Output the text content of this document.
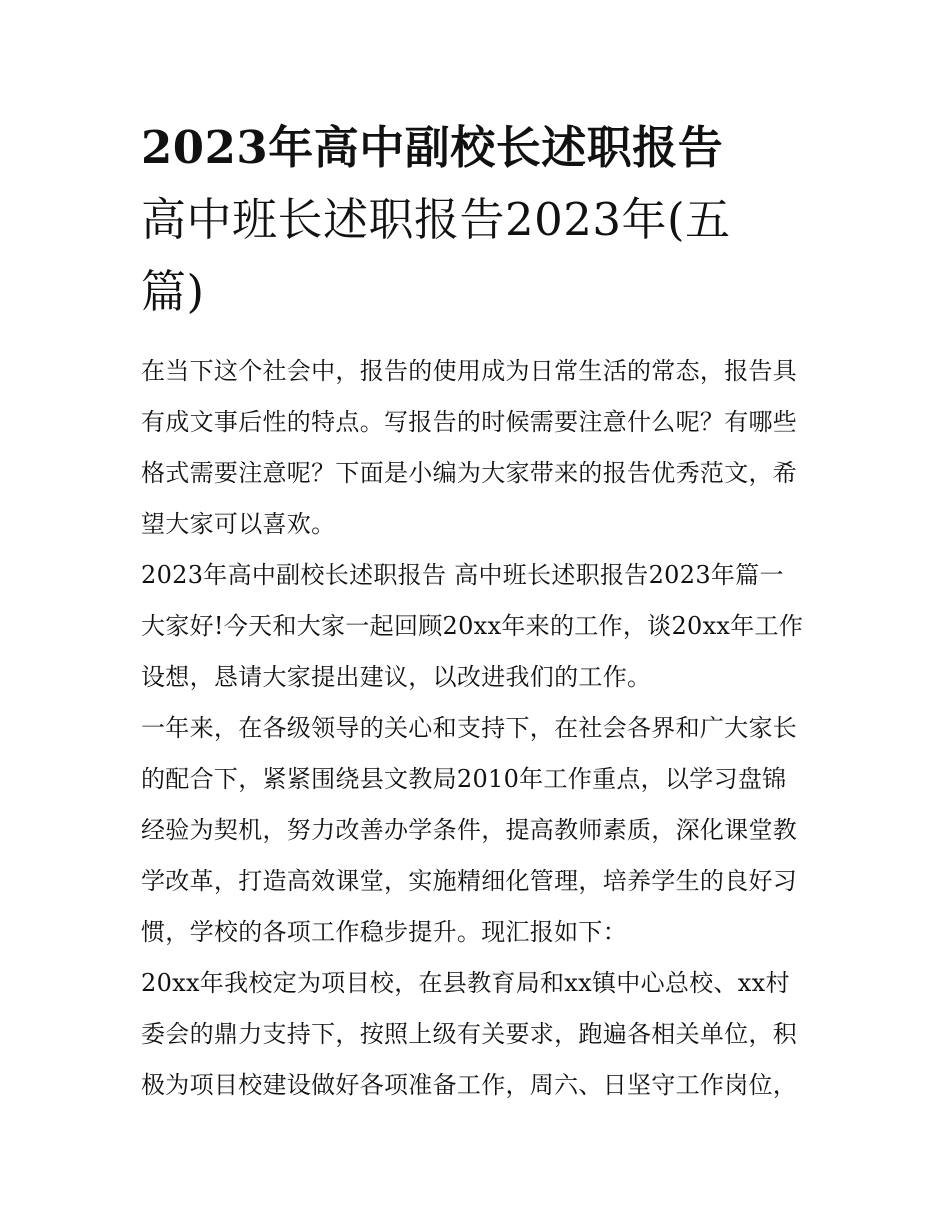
2023年高中副校长述职报告
高中班长述职报告2023年(五
篇)

在当下这个社会中，报告的使用成为日常生活的常态，报告具
有成文事后性的特点。写报告的时候需要注意什么呢？有哪些
格式需要注意呢？下面是小编为大家带来的报告优秀范文，希
望大家可以喜欢。

2023年高中副校长述职报告 高中班长述职报告2023年篇一

大家好!今天和大家一起回顾20xx年来的工作，谈20xx年工作
设想，恳请大家提出建议，以改进我们的工作。

一年来，在各级领导的关心和支持下，在社会各界和广大家长
的配合下，紧紧围绕县文教局2010年工作重点，以学习盘锦
经验为契机，努力改善办学条件，提高教师素质，深化课堂教
学改革，打造高效课堂，实施精细化管理，培养学生的良好习
惯，学校的各项工作稳步提升。现汇报如下：

20xx年我校定为项目校，在县教育局和xx镇中心总校、xx村
委会的鼎力支持下，按照上级有关要求，跑遍各相关单位，积
极为项目校建设做好各项准备工作，周六、日坚守工作岗位，
